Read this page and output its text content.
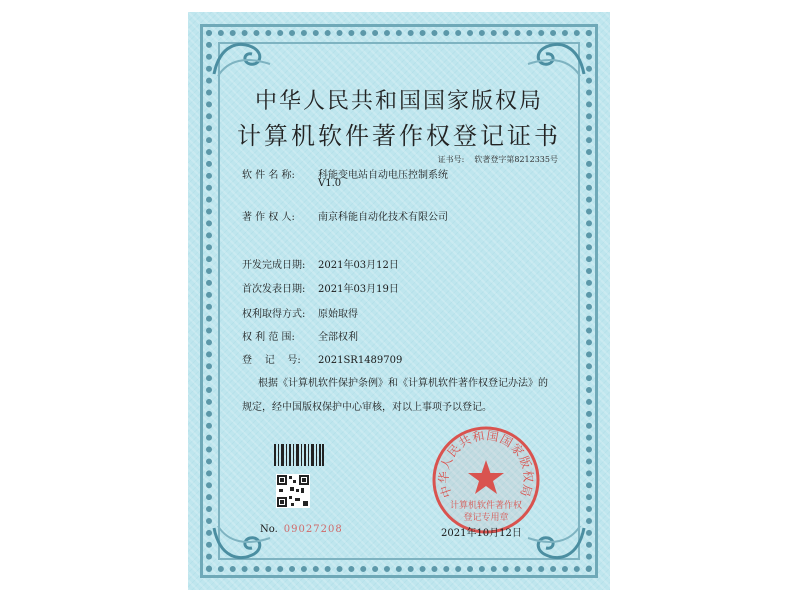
中华人民共和国国家版权局
计算机软件著作权登记证书
证书号: 软著登字第8212335号
软 件 名 称: 科能变电站自动电压控制系统
V1.0
著 作 权 人: 南京科能自动化技术有限公司
开发完成日期: 2021年03月12日
首次发表日期: 2021年03月19日
权利取得方式: 原始取得
权 利 范 围: 全部权利
登    记    号: 2021SR1489709
根据《计算机软件保护条例》和《计算机软件著作权登记办法》的
规定，经中国版权保护中心审核，对以上事项予以登记。
No. 09027208
中华人民共和国国家版权局
计算机软件著作权
登记专用章
2021年10月12日
